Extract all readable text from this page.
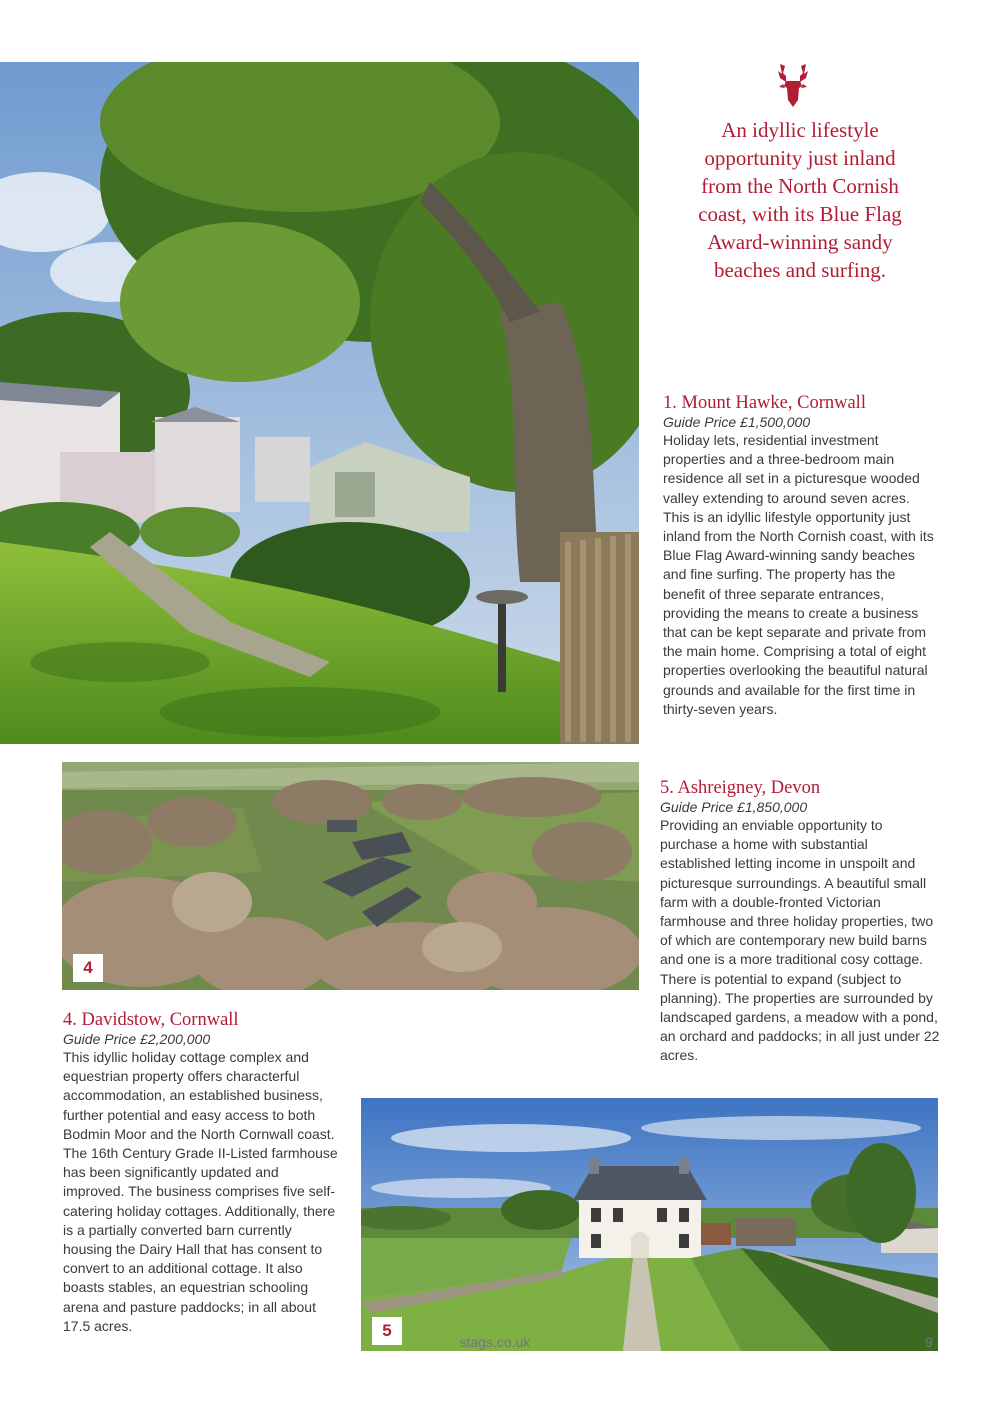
An idyllic lifestyle opportunity just inland from the North Cornish coast, with its Blue Flag Award-winning sandy beaches and surfing.

1. Mount Hawke, Cornwall

Guide Price £1,500,000

Holiday lets, residential investment properties and a three-bedroom main residence all set in a picturesque wooded valley extending to around seven acres. This is an idyllic lifestyle opportunity just inland from the North Cornish coast, with its Blue Flag Award-winning sandy beaches and fine surfing. The property has the benefit of three separate entrances, providing the means to create a business that can be kept separate and private from the main home. Comprising a total of eight properties overlooking the beautiful natural grounds and available for the first time in thirty-seven years.

4
5. Ashreigney, Devon

Guide Price £1,850,000

Providing an enviable opportunity to purchase a home with substantial established letting income in unspoilt and picturesque surroundings. A beautiful small farm with a double-fronted Victorian farmhouse and three holiday properties, two of which are contemporary new build barns and one is a more traditional cosy cottage. There is potential to expand (subject to planning). The properties are surrounded by landscaped gardens, a meadow with a pond, an orchard and paddocks; in all just under 22 acres.

4. Davidstow, Cornwall

Guide Price £2,200,000

This idyllic holiday cottage complex and equestrian property offers characterful accommodation, an established business, further potential and easy access to both Bodmin Moor and the North Cornwall coast. The 16th Century Grade II-Listed farmhouse has been significantly updated and improved. The business comprises five self-catering holiday cottages. Additionally, there is a partially converted barn currently housing the Dairy Hall that has consent to convert to an additional cottage. It also boasts stables, an equestrian schooling arena and pasture paddocks; in all about 17.5 acres.	5
stags.co.uk	9
